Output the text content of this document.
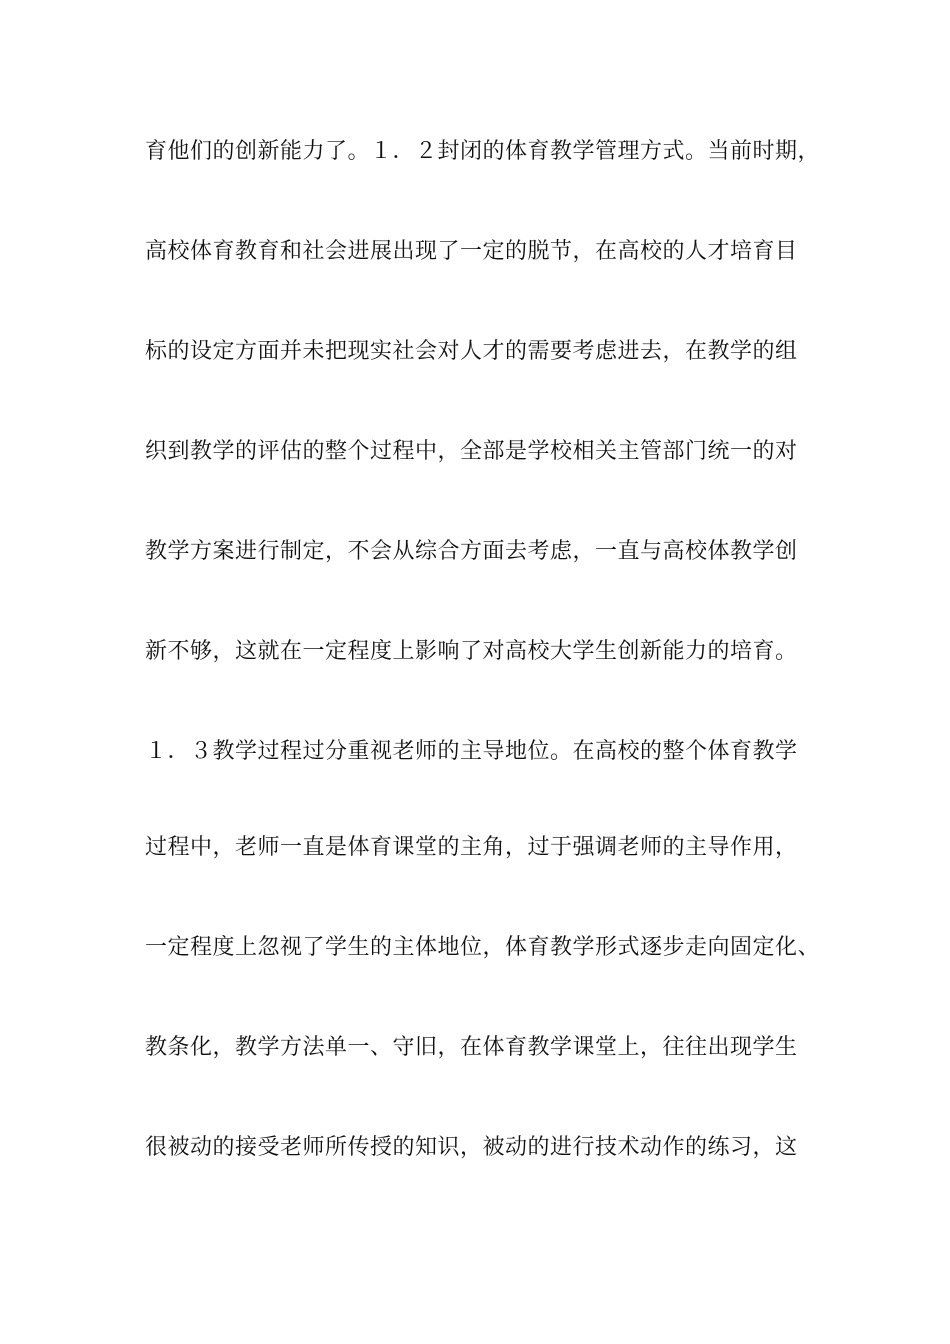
育他们的创新能力了。１．２封闭的体育教学管理方式。当前时期，
高校体育教育和社会进展出现了一定的脱节，在高校的人才培育目
标的设定方面并未把现实社会对人才的需要考虑进去，在教学的组
织到教学的评估的整个过程中，全部是学校相关主管部门统一的对
教学方案进行制定，不会从综合方面去考虑，一直与高校体教学创
新不够，这就在一定程度上影响了对高校大学生创新能力的培育。
１．３教学过程过分重视老师的主导地位。在高校的整个体育教学
过程中，老师一直是体育课堂的主角，过于强调老师的主导作用，
一定程度上忽视了学生的主体地位，体育教学形式逐步走向固定化、
教条化，教学方法单一、守旧，在体育教学课堂上，往往出现学生
很被动的接受老师所传授的知识，被动的进行技术动作的练习，这
